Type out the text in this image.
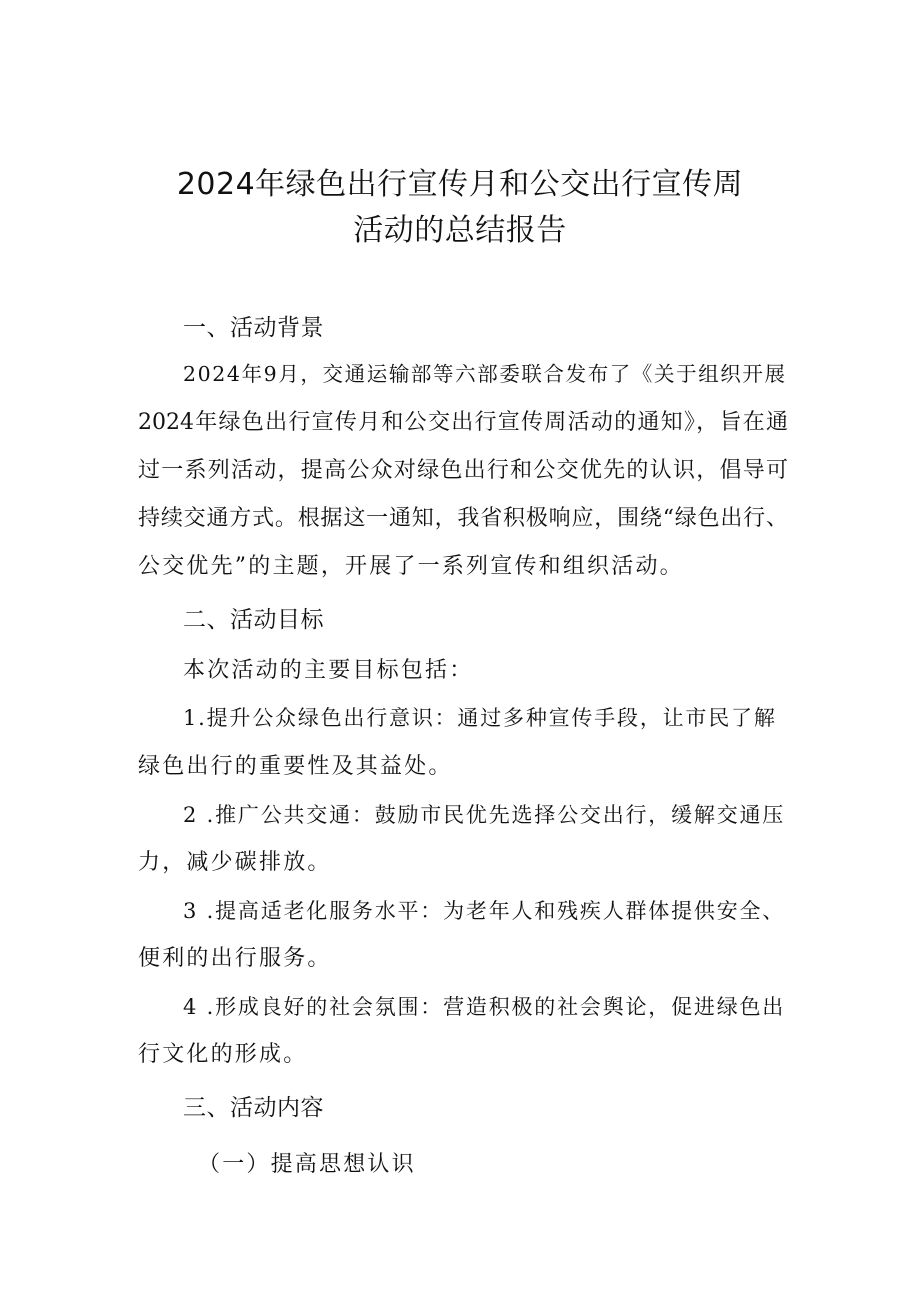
2024年绿色出行宣传月和公交出行宣传周
活动的总结报告
一、活动背景
2024年9月，交通运输部等六部委联合发布了《关于组织开展
2024年绿色出行宣传月和公交出行宣传周活动的通知》，旨在通
过一系列活动，提高公众对绿色出行和公交优先的认识，倡导可
持续交通方式。根据这一通知，我省积极响应，围绕“绿色出行、
公交优先”的主题，开展了一系列宣传和组织活动。
二、活动目标
本次活动的主要目标包括：
1.提升公众绿色出行意识：通过多种宣传手段，让市民了解
绿色出行的重要性及其益处。
2 .推广公共交通：鼓励市民优先选择公交出行，缓解交通压
力，减少碳排放。
3 .提高适老化服务水平：为老年人和残疾人群体提供安全、
便利的出行服务。
4 .形成良好的社会氛围：营造积极的社会舆论，促进绿色出
行文化的形成。
三、活动内容
（一）提高思想认识
